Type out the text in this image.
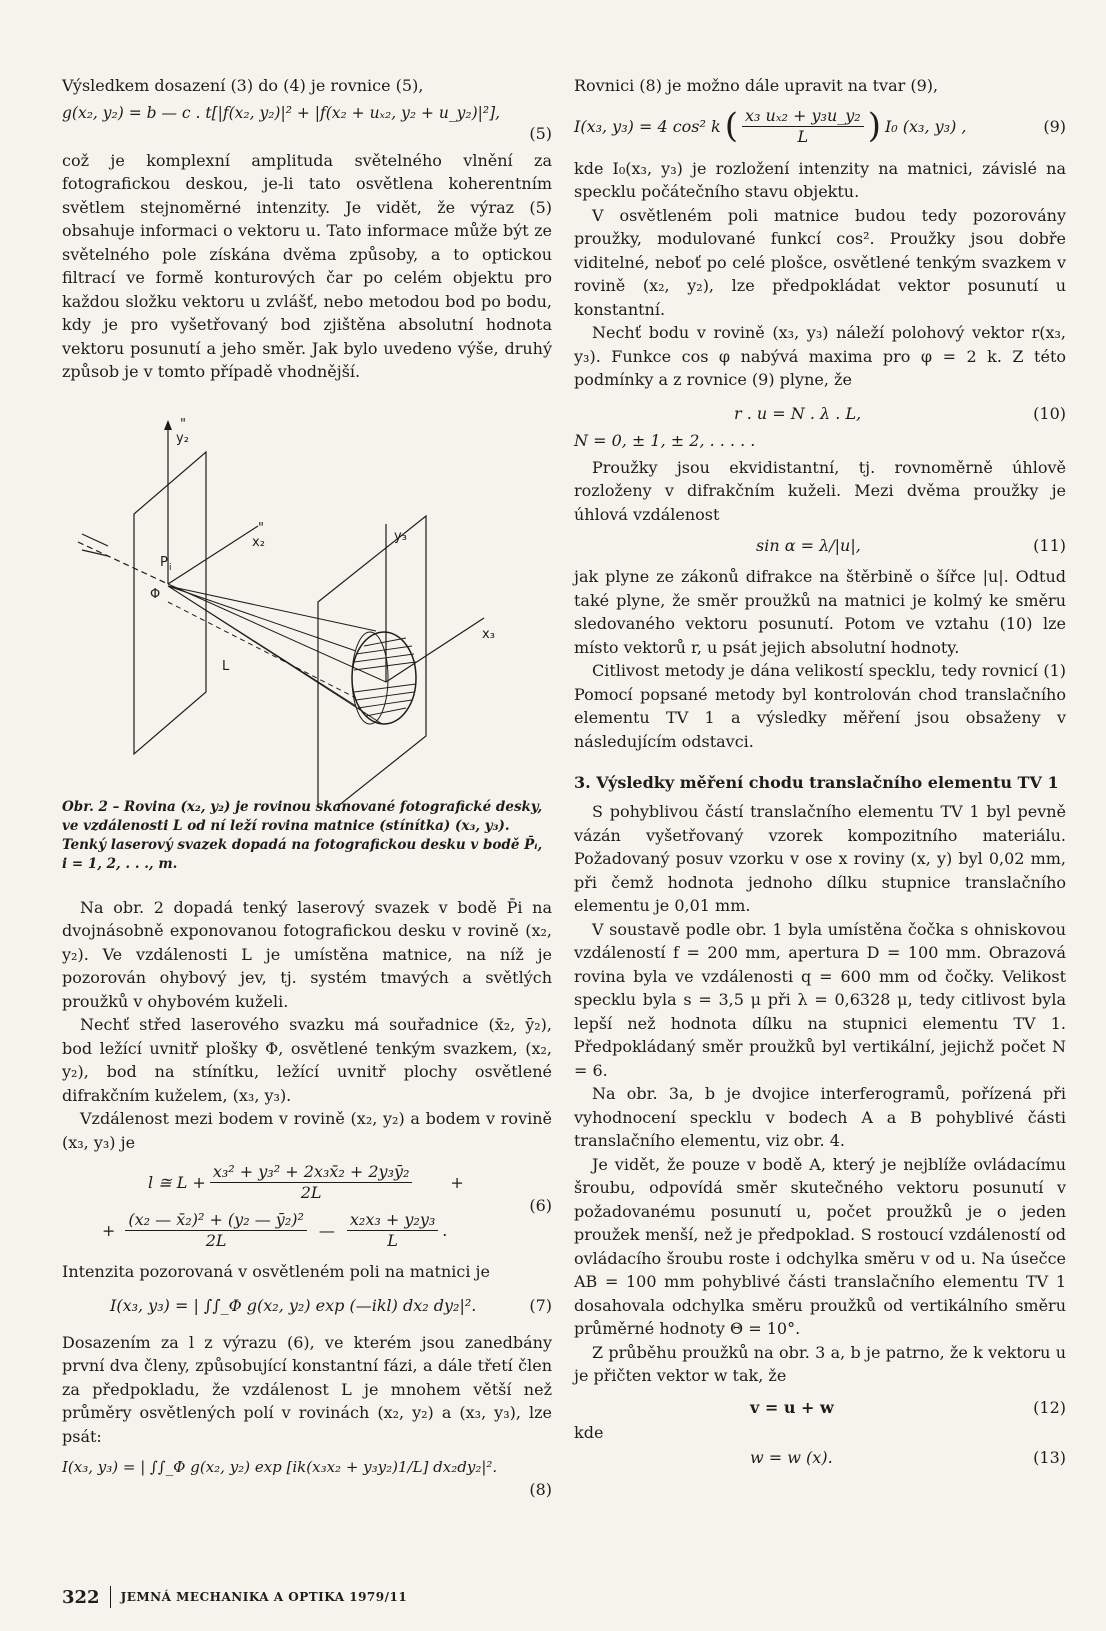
Výsledkem dosazení (3) do (4) je rovnice (5),

g(x₂, y₂) = b — c . t[|f(x₂, y₂)|² + |f(x₂ + uₓ₂, y₂ + u_y₂)|²],
(5)

což je komplexní amplituda světelného vlnění za fotografickou deskou, je-li tato osvětlena koherentním světlem stejnoměrné intenzity. Je vidět, že výraz (5) obsahuje informaci o vektoru u. Tato informace může být ze světelného pole získána dvěma způsoby, a to optickou filtrací ve formě konturových čar po celém objektu pro každou složku vektoru u zvlášť, nebo metodou bod po bodu, kdy je pro vyšetřovaný bod zjištěna absolutní hodnota vektoru posunutí a jeho směr. Jak bylo uvedeno výše, druhý způsob je v tomto případě vhodnější.

y₂
"
x₂
"
y₃
x₃
P i
Φ
L
Obr. 2 – Rovina (x₂, y₂) je rovinou skanované fotografické desky, ve vzdálenosti L od ní leží rovina matnice (stínítka) (x₃, y₃). Tenký laserový svazek dopadá na fotografickou desku v bodě P̄ᵢ, i = 1, 2, . . ., m.

Na obr. 2 dopadá tenký laserový svazek v bodě P̄i na dvojnásobně exponovanou fotografickou desku v rovině (x₂, y₂). Ve vzdálenosti L je umístěna matnice, na níž je pozorován ohybový jev, tj. systém tmavých a světlých proužků v ohybovém kuželi.

Nechť střed laserového svazku má souřadnice (x̄₂, ȳ₂), bod ležící uvnitř plošky Φ, osvětlené tenkým svazkem, (x₂, y₂), bod na stínítku, ležící uvnitř plochy osvětlené difrakčním kuželem, (x₃, y₃).

Vzdálenost mezi bodem v rovině (x₂, y₂) a bodem v rovině (x₃, y₃) je

l ≅ $L + \frac{\text{x₃² + y₃² + 2x₃x̄₂ + 2y₃ȳ₂}}{2L}$ +
+ $\frac{\text{(x₂ — x̄₂)² + (y₂ — ȳ₂)²}}{2L}$ — $\frac{\text{x₂x₃ + y₂y₃}}{L}$ .
(6)

Intenzita pozorovaná v osvětleném poli na matnici je

I(x₃, y₃) = | ∫∫_Φ g(x₂, y₂) exp (—ikl) dx₂ dy₂|².	(7)

Dosazením za l z výrazu (6), ve kterém jsou zanedbány první dva členy, způsobující konstantní fázi, a dále třetí člen za předpokladu, že vzdálenost L je mnohem větší než průměry osvětlených polí v rovinách (x₂, y₂) a (x₃, y₃), lze psát:

I(x₃, y₃) = | ∫∫_Φ g(x₂, y₂) exp [ik(x₃x₂ + y₃y₂)1/L] dx₂dy₂|².
(8)

Rovnici (8) je možno dále upravit na tvar (9),

I(x₃, y₃) = 4 cos² k ( $\frac{\text{x₃ uₓ₂ + y₃u\_y₂}}{L}$ ) I₀ (x₃, y₃) ,	(9)

kde I₀(x₃, y₃) je rozložení intenzity na matnici, závislé na specklu počátečního stavu objektu.

V osvětleném poli matnice budou tedy pozorovány proužky, modulované funkcí cos². Proužky jsou dobře viditelné, neboť po celé plošce, osvětlené tenkým svazkem v rovině (x₂, y₂), lze předpokládat vektor posunutí u konstantní.

Nechť bodu v rovině (x₃, y₃) náleží polohový vektor r(x₃, y₃). Funkce cos φ nabývá maxima pro φ = 2 k. Z této podmínky a z rovnice (9) plyne, že

r . u = N . λ . L,	(10)
N = 0, ± 1, ± 2, . . . . .

Proužky jsou ekvidistantní, tj. rovnoměrně úhlově rozloženy v difrakčním kuželi. Mezi dvěma proužky je úhlová vzdálenost

sin α = λ/|u|,	(11)

jak plyne ze zákonů difrakce na štěrbině o šířce |u|. Odtud také plyne, že směr proužků na matnici je kolmý ke směru sledovaného vektoru posunutí. Potom ve vztahu (10) lze místo vektorů r, u psát jejich absolutní hodnoty.

Citlivost metody je dána velikostí specklu, tedy rovnicí (1) Pomocí popsané metody byl kontrolován chod translačního elementu TV 1 a výsledky měření jsou obsaženy v následujícím odstavci.

3. Výsledky měření chodu translačního elementu TV 1

S pohyblivou částí translačního elementu TV 1 byl pevně vázán vyšetřovaný vzorek kompozitního materiálu. Požadovaný posuv vzorku v ose x roviny (x, y) byl 0,02 mm, při čemž hodnota jednoho dílku stupnice translačního elementu je 0,01 mm.

V soustavě podle obr. 1 byla umístěna čočka s ohniskovou vzdáleností f = 200 mm, apertura D = 100 mm. Obrazová rovina byla ve vzdálenosti q = 600 mm od čočky. Velikost specklu byla s = 3,5 μ při λ = 0,6328 μ, tedy citlivost byla lepší než hodnota dílku na stupnici elementu TV 1. Předpokládaný směr proužků byl vertikální, jejichž počet N = 6.

Na obr. 3a, b je dvojice interferogramů, pořízená při vyhodnocení specklu v bodech A a B pohyblivé části translačního elementu, viz obr. 4.

Je vidět, že pouze v bodě A, který je nejblíže ovládacímu šroubu, odpovídá směr skutečného vektoru posunutí v požadovanému posunutí u, počet proužků je o jeden proužek menší, než je předpoklad. S rostoucí vzdáleností od ovládacího šroubu roste i odchylka směru v od u. Na úsečce AB = 100 mm pohyblivé části translačního elementu TV 1 dosahovala odchylka směru proužků od vertikálního směru průměrné hodnoty Θ = 10°.

Z průběhu proužků na obr. 3 a, b je patrno, že k vektoru u je přičten vektor w tak, že

v = u + w	(12)

kde

w = w (x).	(13)
322 JEMNÁ MECHANIKA A OPTIKA 1979/11
